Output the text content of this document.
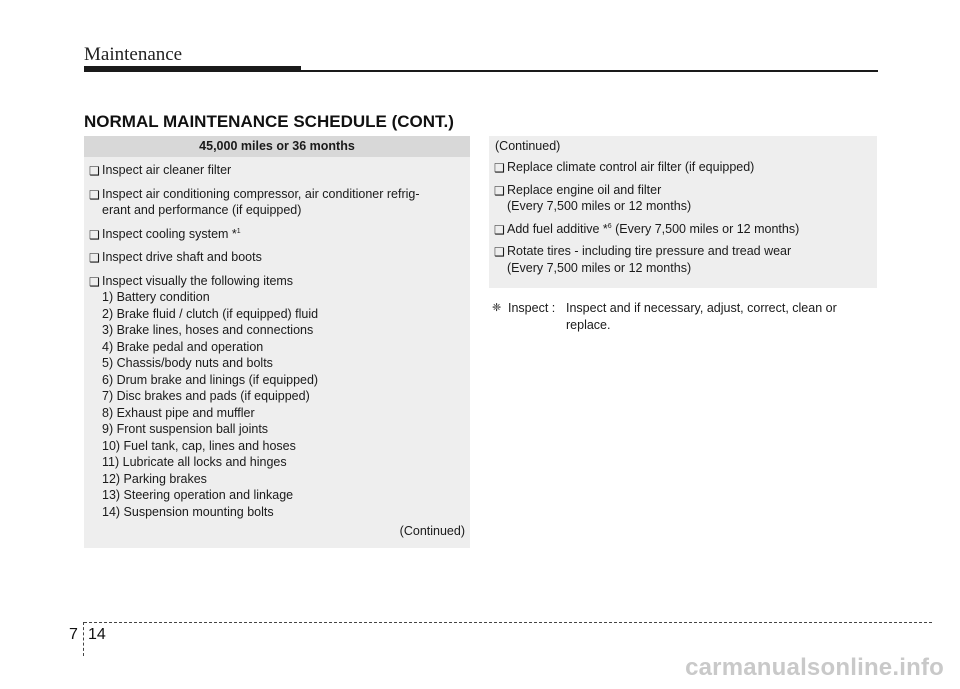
Maintenance
NORMAL MAINTENANCE SCHEDULE (CONT.)
45,000 miles or 36 months
❑ Inspect air cleaner filter
❑ Inspect air conditioning compressor, air conditioner refrig-
erant and performance (if equipped)
❑ Inspect cooling system *$^1$
❑ Inspect drive shaft and boots
❑ Inspect visually the following items
1) Battery condition
2) Brake fluid / clutch (if equipped) fluid
3) Brake lines, hoses and connections
4) Brake pedal and operation
5) Chassis/body nuts and bolts
6) Drum brake and linings (if equipped)
7) Disc brakes and pads (if equipped)
8) Exhaust pipe and muffler
9) Front suspension ball joints
10) Fuel tank, cap, lines and hoses
11) Lubricate all locks and hinges
12) Parking brakes
13) Steering operation and linkage
14) Suspension mounting bolts
(Continued)
(Continued)
❑ Replace climate control air filter (if equipped)
❑ Replace engine oil and filter
(Every 7,500 miles or 12 months)
❑ Add fuel additive *$^6$ (Every 7,500 miles or 12 months)
❑ Rotate tires - including tire pressure and tread wear
(Every 7,500 miles or 12 months)
❈ Inspect : Inspect and if necessary, adjust, correct, clean or replace.
7 14
carmanualsonline.info
